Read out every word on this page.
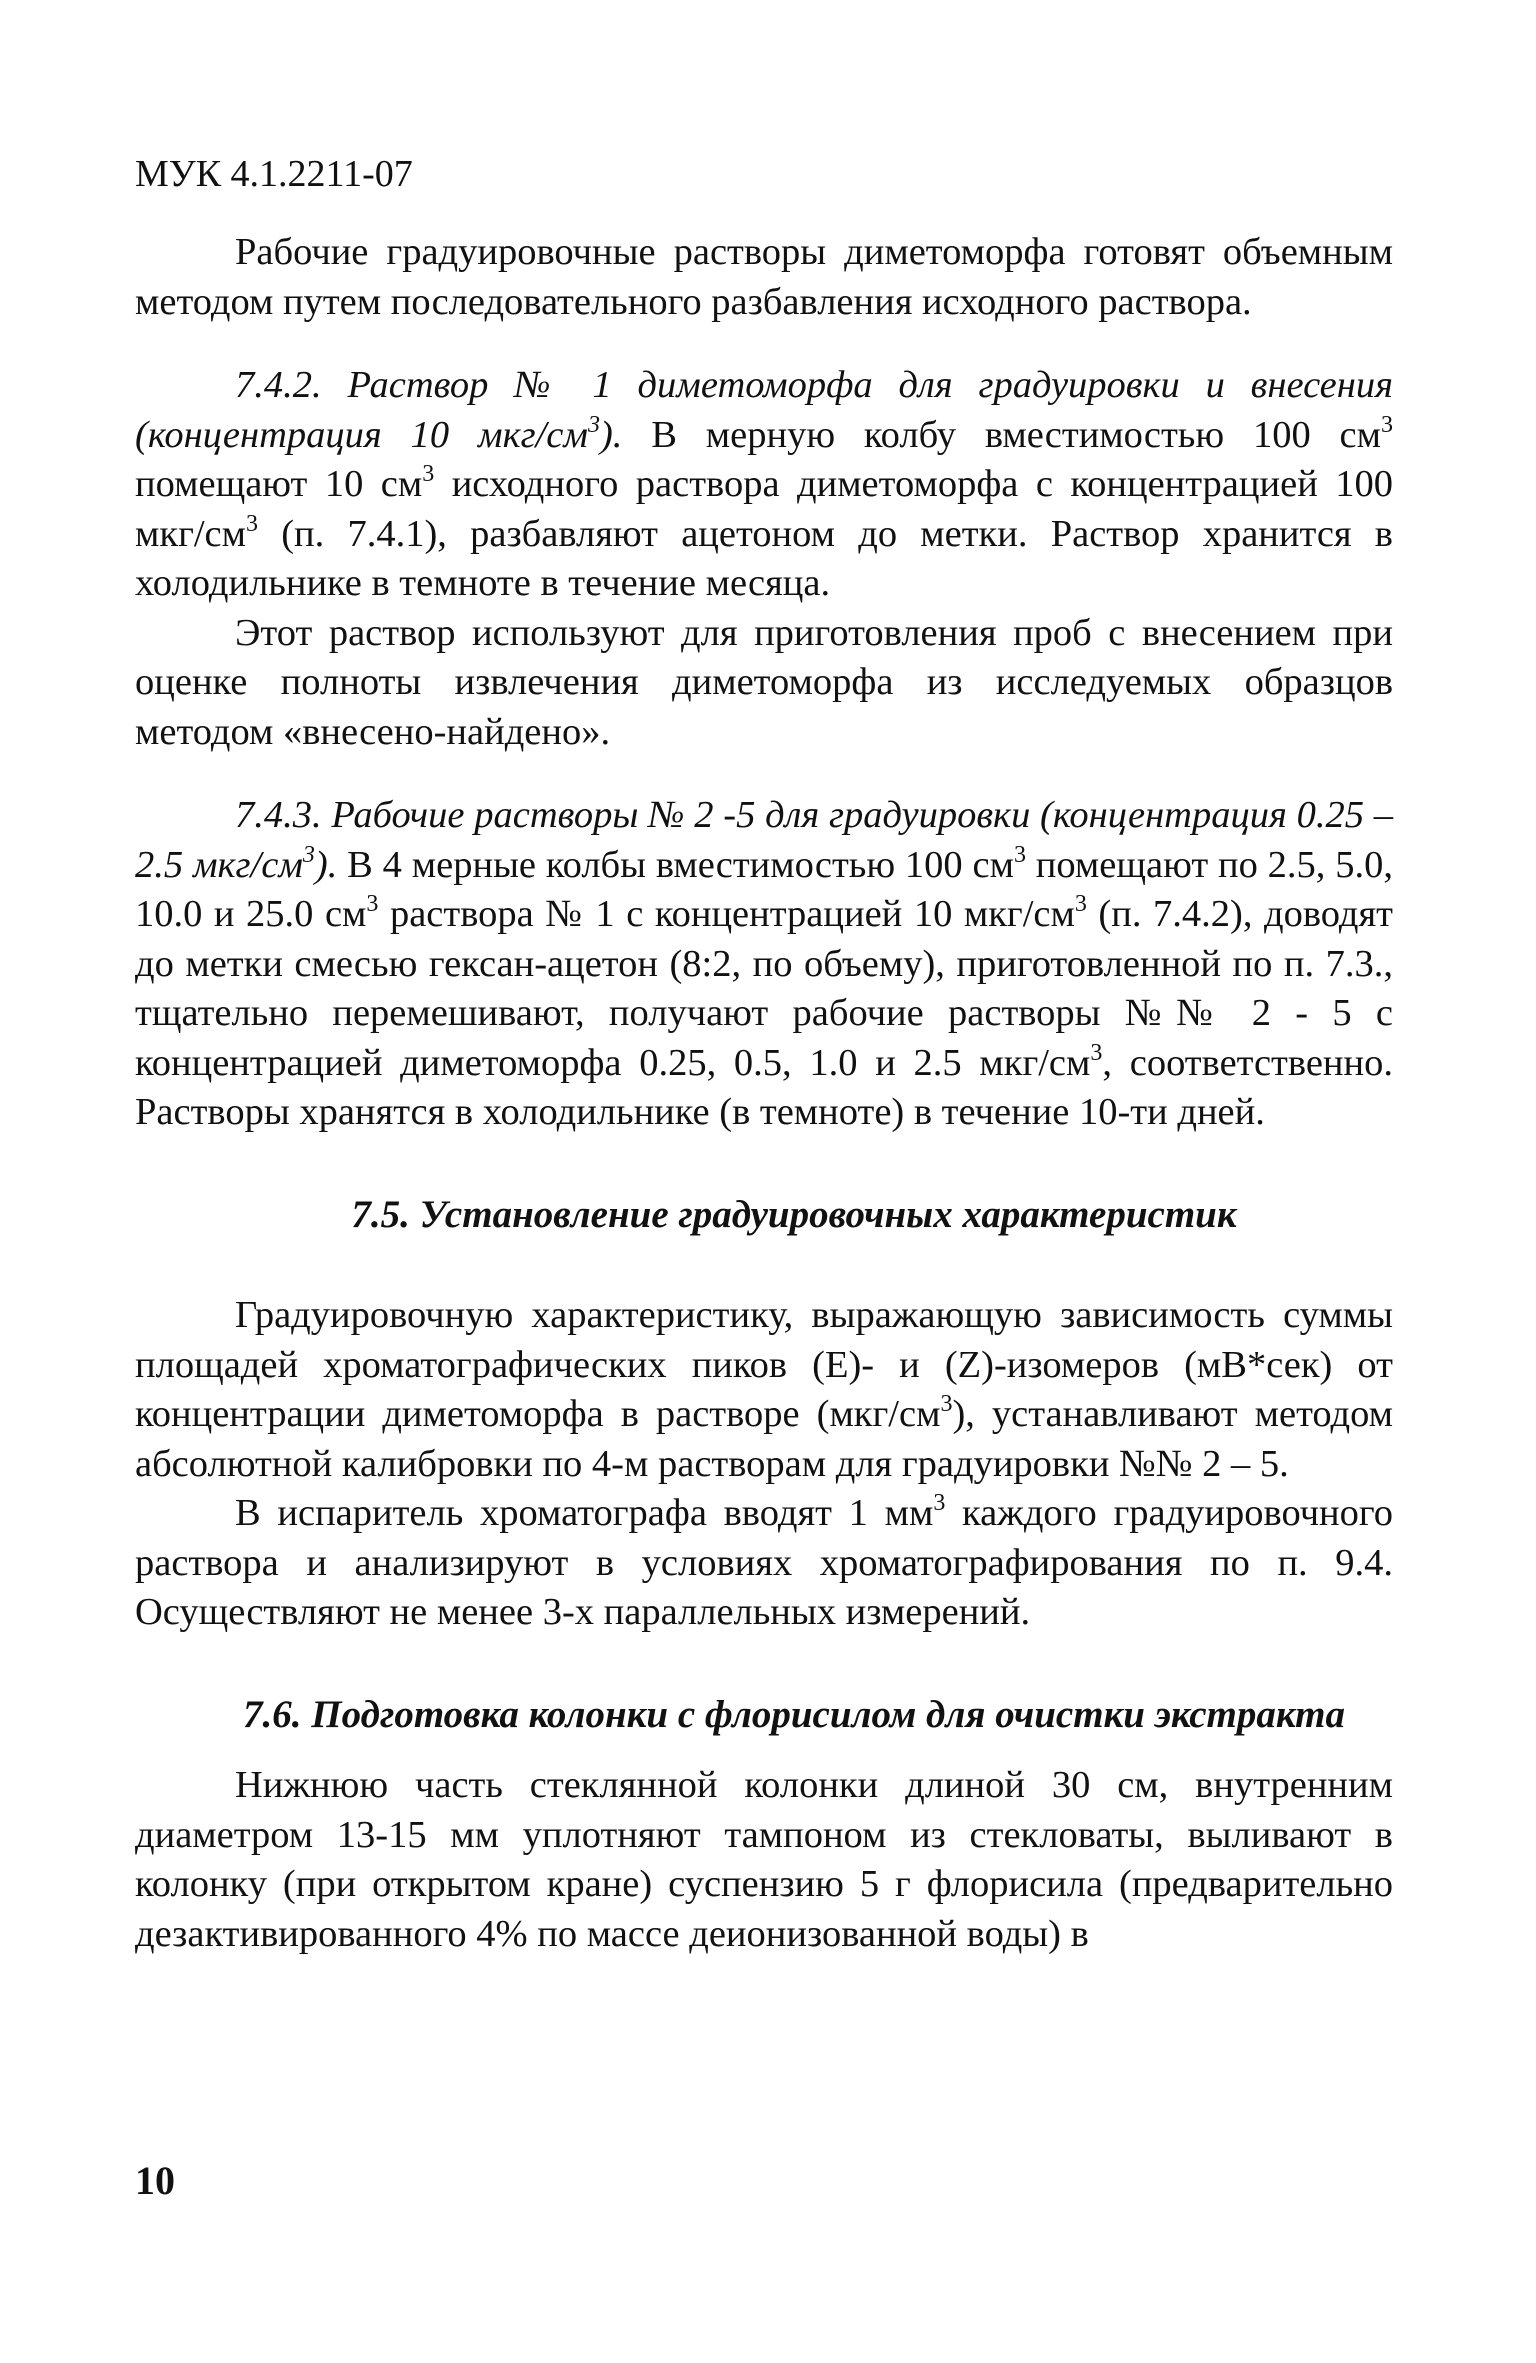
МУК 4.1.2211-07

Рабочие градуировочные растворы диметоморфа готовят объемным методом путем последовательного разбавления исходного раствора.

7.4.2. Раствор № 1 диметоморфа для градуировки и внесения (концентрация 10 мкг/$см^3$). В мерную колбу вместимостью 100 $см^3$ помещают 10 $см^3$ исходного раствора диметоморфа с концентрацией 100 мкг/$см^3$ (п. 7.4.1), разбавляют ацетоном до метки. Раствор хранится в холодильнике в темноте в течение месяца.

Этот раствор используют для приготовления проб с внесением при оценке полноты извлечения диметоморфа из исследуемых образцов методом «внесено-найдено».

7.4.3. Рабочие растворы № 2 -5 для градуировки (концентрация 0.25 – 2.5 мкг/$см^3$). В 4 мерные колбы вместимостью 100 $см^3$ помещают по 2.5, 5.0, 10.0 и 25.0 $см^3$ раствора № 1 с концентрацией 10 мкг/$см^3$ (п. 7.4.2), доводят до метки смесью гексан-ацетон (8:2, по объему), приготовленной по п. 7.3., тщательно перемешивают, получают рабочие растворы №№ 2 - 5 с концентрацией диметоморфа 0.25, 0.5, 1.0 и 2.5 мкг/$см^3$, соответственно. Растворы хранятся в холодильнике (в темноте) в течение 10-ти дней.

7.5. Установление градуировочных характеристик

Градуировочную характеристику, выражающую зависимость суммы площадей хроматографических пиков (Е)- и (Z)-изомеров (мВ*сек) от концентрации диметоморфа в растворе $(мкг/см^3)$, устанавливают методом абсолютной калибровки по 4-м растворам для градуировки №№ 2 – 5.

В испаритель хроматографа вводят 1 $мм^3$ каждого градуировочного раствора и анализируют в условиях хроматографирования по п. 9.4. Осуществляют не менее 3-х параллельных измерений.

7.6. Подготовка колонки с флорисилом для очистки экстракта

Нижнюю часть стеклянной колонки длиной 30 см, внутренним диаметром 13-15 мм уплотняют тампоном из стекловаты, выливают в колонку (при открытом кране) суспензию 5 г флорисила (предварительно дезактивированного 4% по массе деионизованной воды) в

10
